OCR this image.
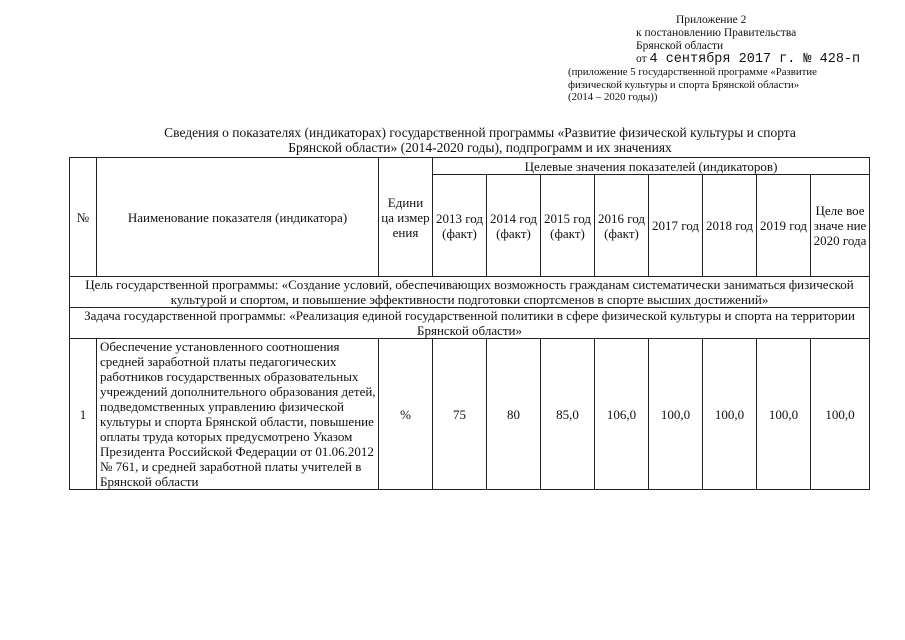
Приложение 2
к постановлению Правительства
Брянской области
от 4 сентября 2017 г. № 428-п
(приложение 5 государственной программе «Развитие
физической культуры и спорта Брянской области»
(2014 – 2020 годы))
Сведения о показателях (индикаторах) государственной программы «Развитие физической культуры и спорта
Брянской области» (2014-2020 годы), подпрограмм и их значениях
№	Наименование показателя (индикатора)	Едини ца измер ения	Целевые значения показателей (индикаторов)							
			2013 год (факт)	2014 год (факт)	2015 год (факт)	2016 год (факт)	2017 год	2018 год	2019 год	Целе вое значе ние 2020 года
Цель государственной программы: «Создание условий, обеспечивающих возможность гражданам систематически заниматься физической культурой и спортом, и повышение эффективности подготовки спортсменов в спорте высших достижений»										
Задача государственной программы: «Реализация единой государственной политики в сфере физической культуры и спорта на территории Брянской области»										
1	Обеспечение установленного соотношения средней заработной платы педагогических работников государственных образовательных учреждений дополнительного образования детей, подведомственных управлению физической культуры и спорта Брянской области, повышение оплаты труда которых предусмотрено Указом Президента Российской Федерации от 01.06.2012 № 761, и средней заработной платы учителей в Брянской области	%	75	80	85,0	106,0	100,0	100,0	100,0	100,0
